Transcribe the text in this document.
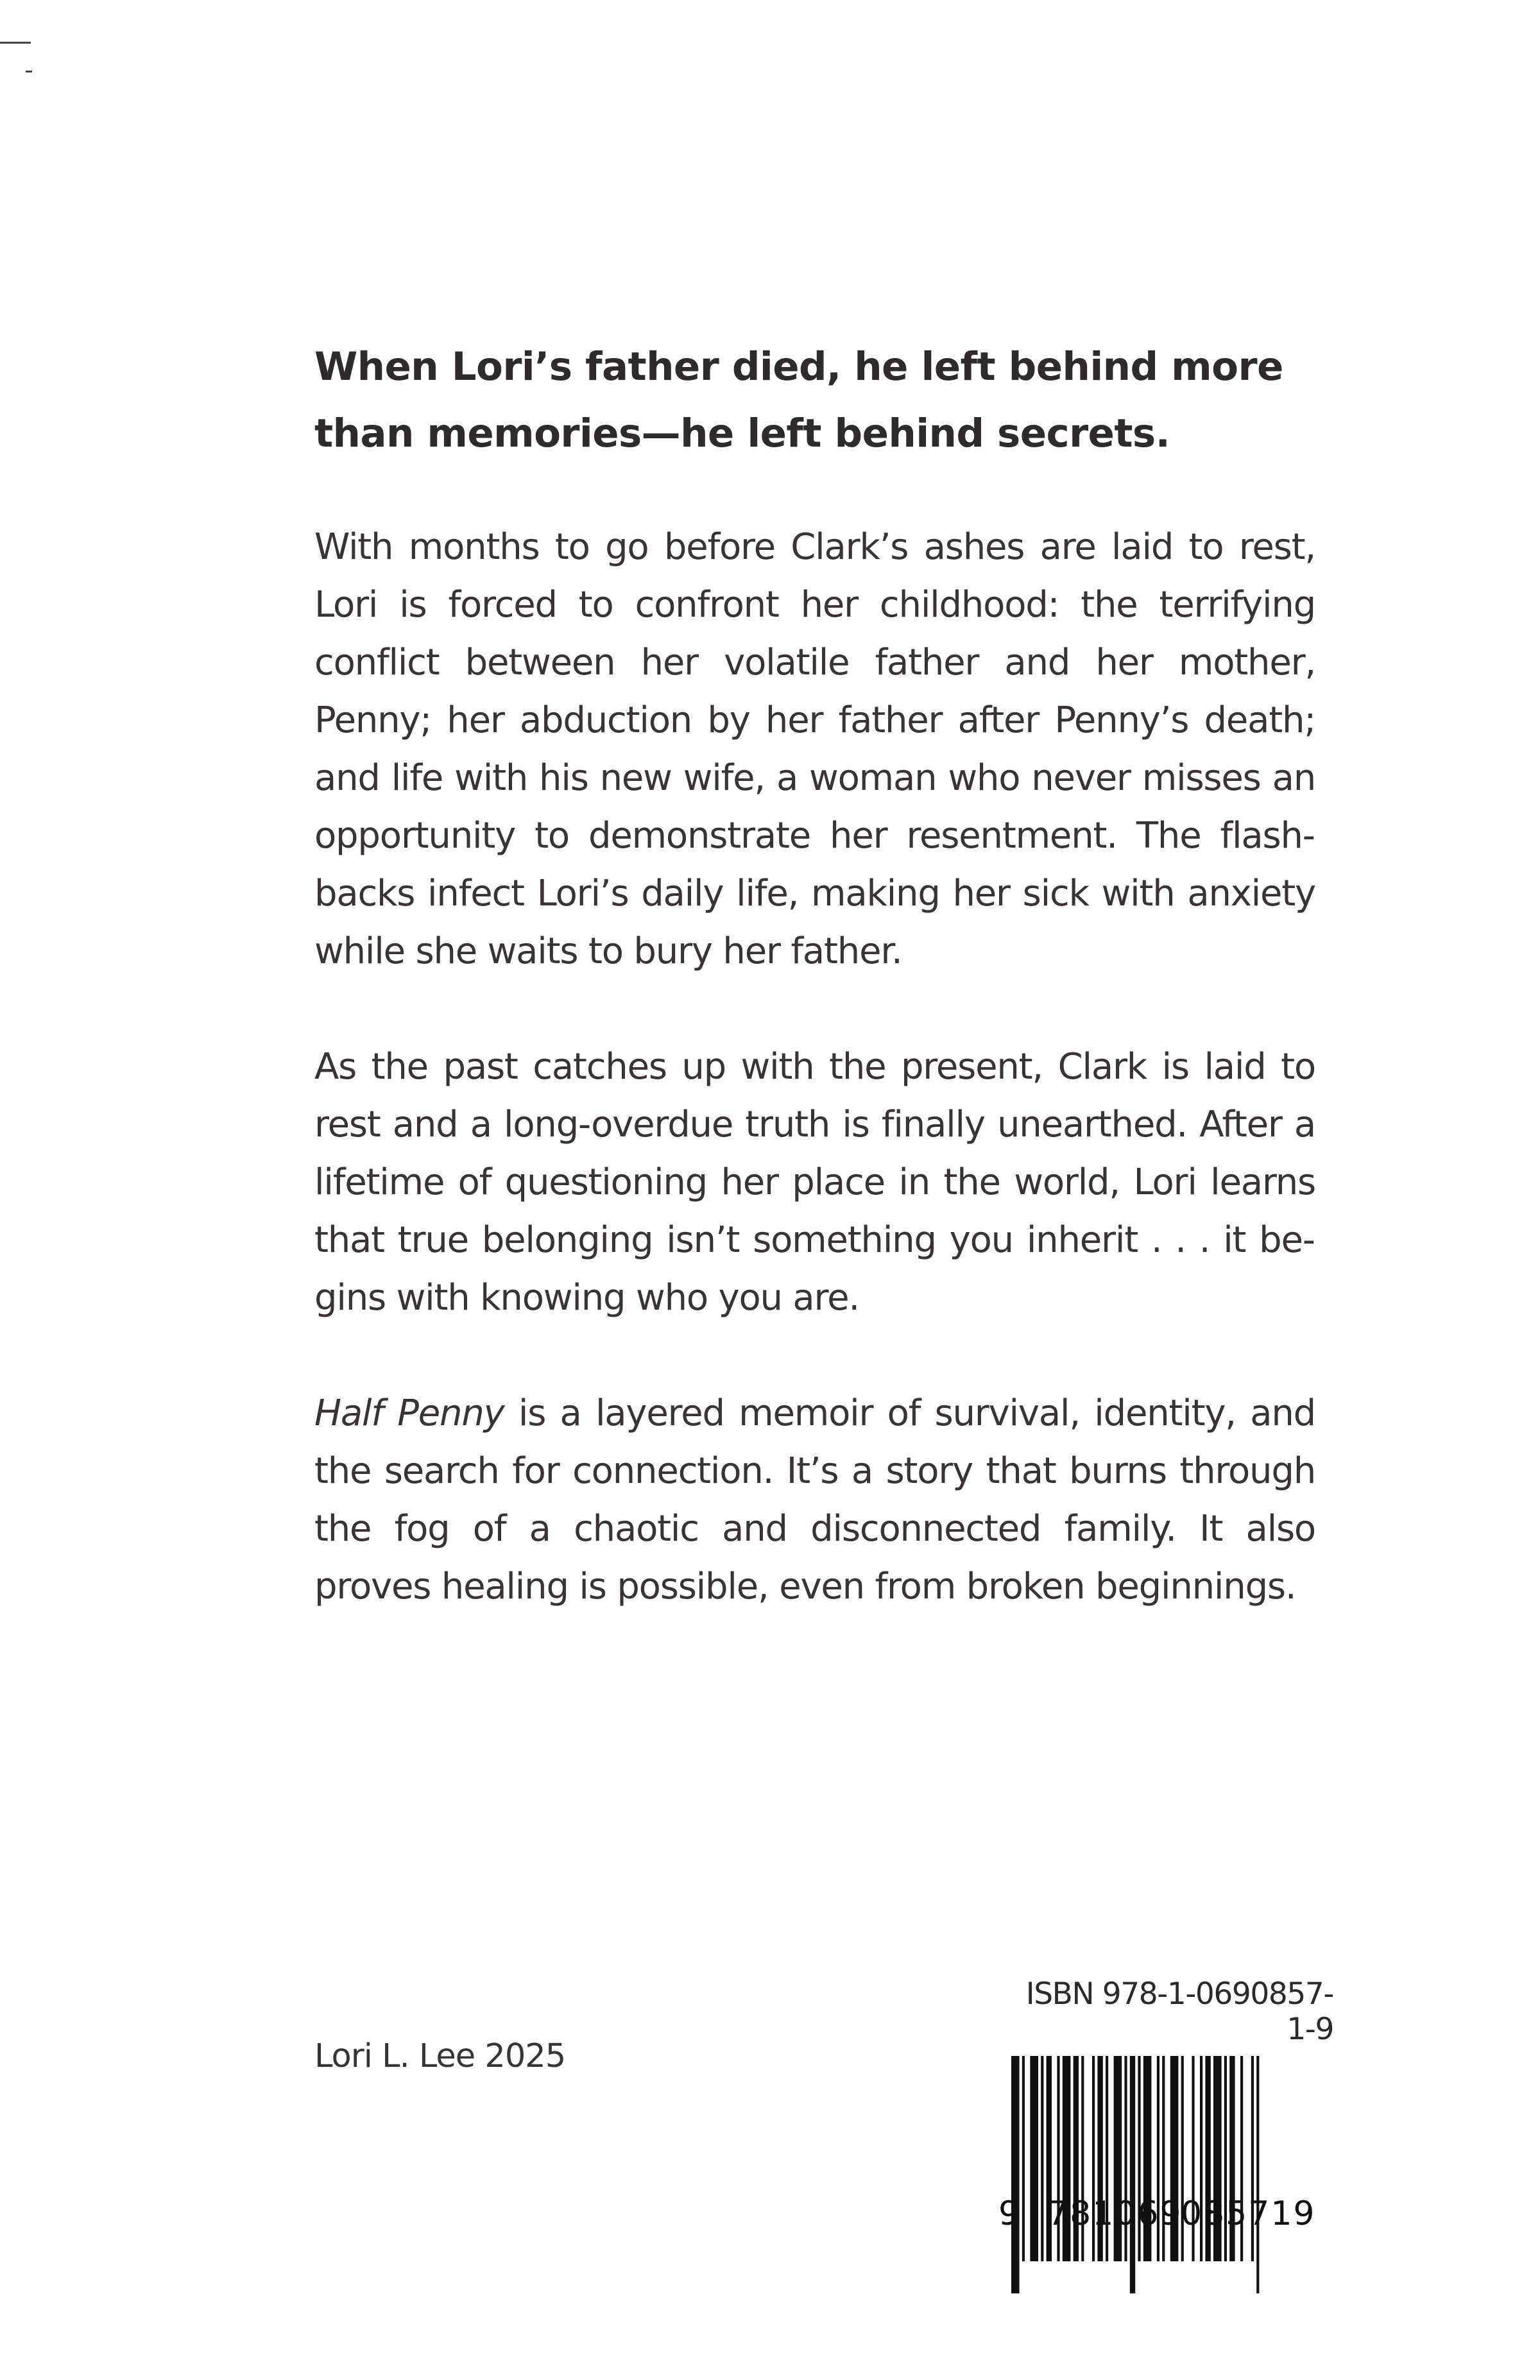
When Lori’s father died, he left behind more than memories—he left behind secrets.

With months to go before Clark’s ashes are laid to rest, Lori is forced to confront her childhood: the terrifying conflict between her volatile father and her mother, Penny; her abduction by her father after Penny’s death; and life with his new wife, a woman who never misses an opportunity to demonstrate her resentment. The flashbacks infect Lori’s daily life, making her sick with anxiety while she waits to bury her father.

As the past catches up with the present, Clark is laid to rest and a long-overdue truth is finally unearthed. After a lifetime of questioning her place in the world, Lori learns that true belonging isn’t something you inherit . . . it begins with knowing who you are.

Half Penny is a layered memoir of survival, identity, and the search for connection. It’s a story that burns through the fog of a chaotic and disconnected family. It also proves healing is possible, even from broken beginnings.

Lori L. Lee 2025
ISBN 978-1-0690857-1-9
9 781069
085719
